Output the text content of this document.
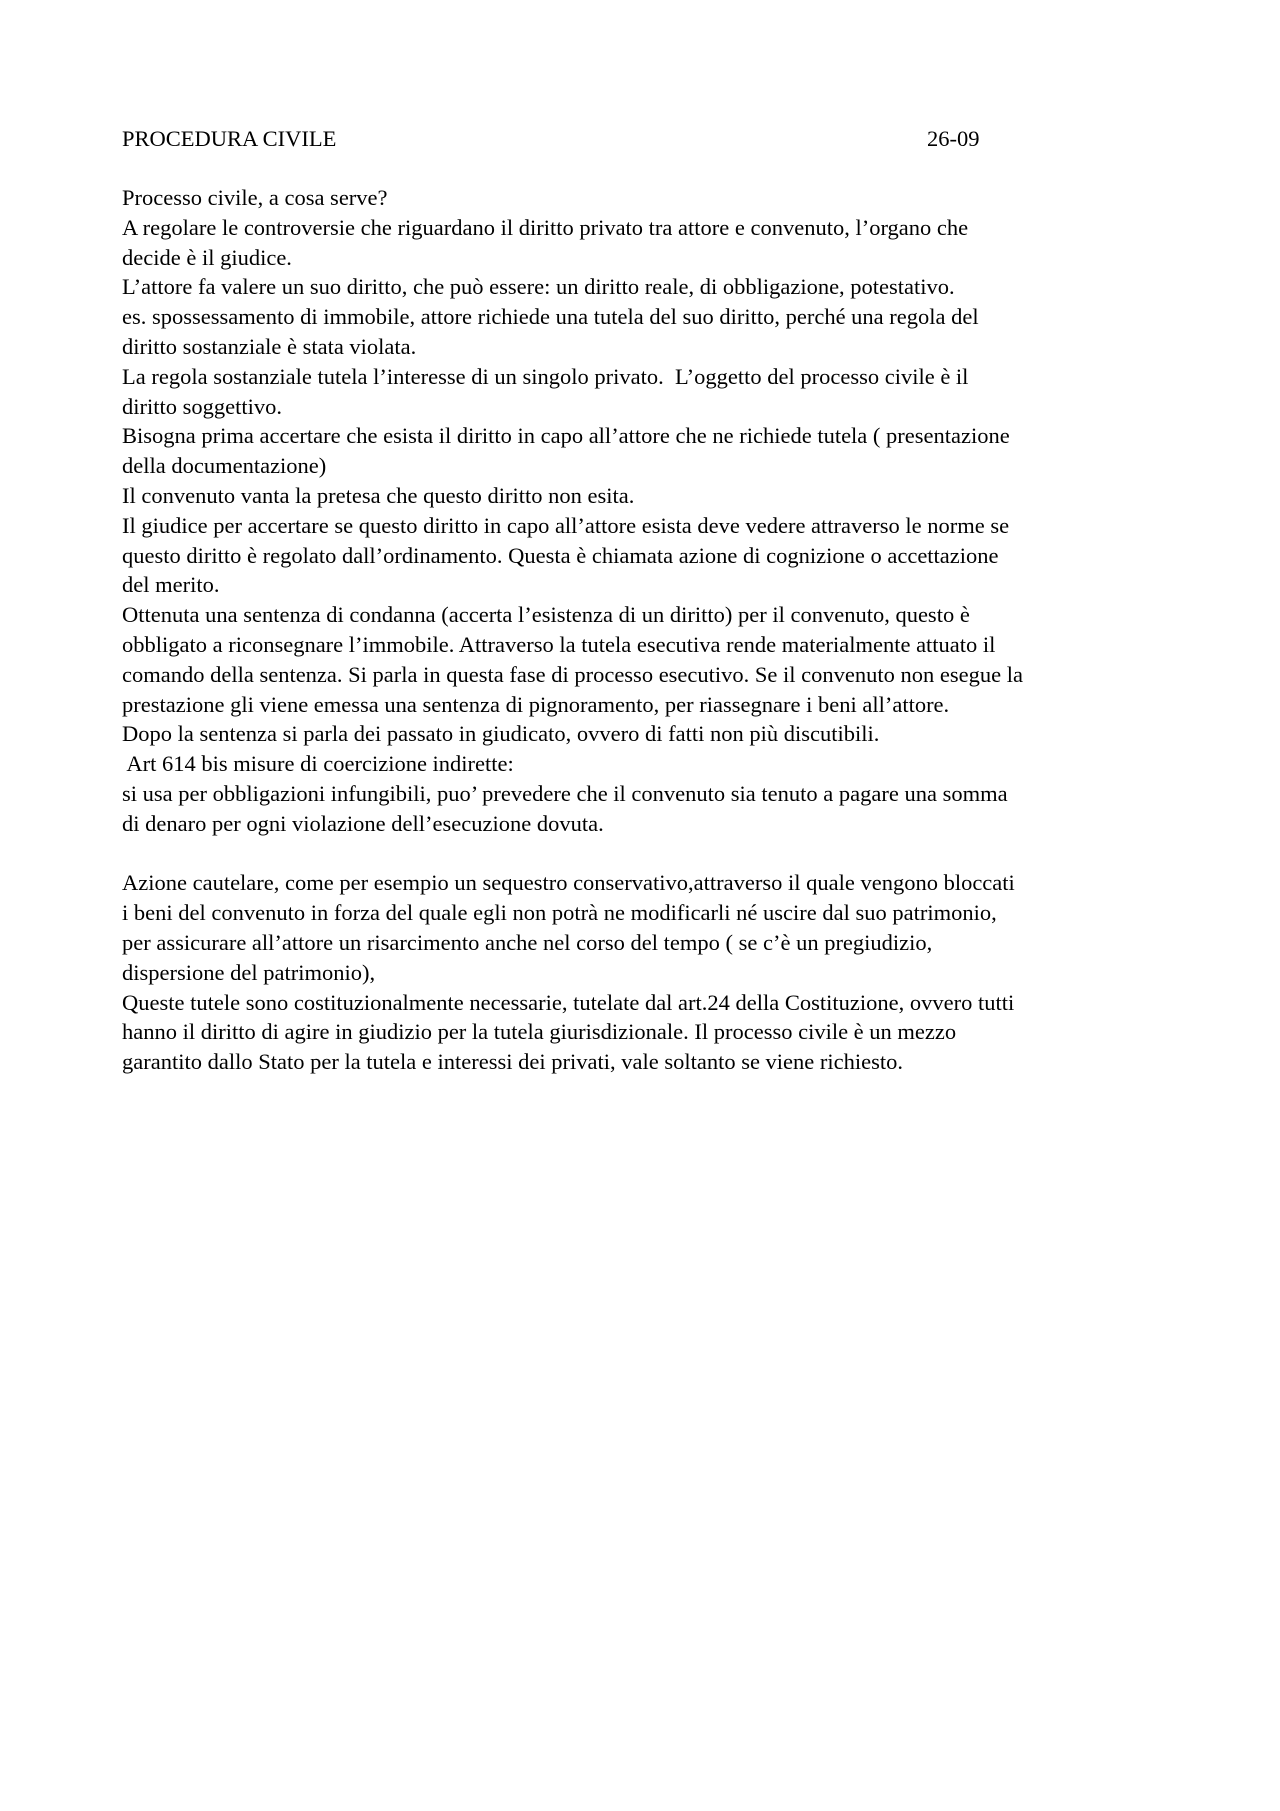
PROCEDURA CIVILE	26-09
Processo civile, a cosa serve?
A regolare le controversie che riguardano il diritto privato tra attore e convenuto, l’organo che
decide è il giudice.
L’attore fa valere un suo diritto, che può essere: un diritto reale, di obbligazione, potestativo.
es. spossessamento di immobile, attore richiede una tutela del suo diritto, perché una regola del
diritto sostanziale è stata violata.
La regola sostanziale tutela l’interesse di un singolo privato.  L’oggetto del processo civile è il
diritto soggettivo.
Bisogna prima accertare che esista il diritto in capo all’attore che ne richiede tutela ( presentazione
della documentazione)
Il convenuto vanta la pretesa che questo diritto non esita.
Il giudice per accertare se questo diritto in capo all’attore esista deve vedere attraverso le norme se
questo diritto è regolato dall’ordinamento. Questa è chiamata azione di cognizione o accettazione
del merito.
Ottenuta una sentenza di condanna (accerta l’esistenza di un diritto) per il convenuto, questo è
obbligato a riconsegnare l’immobile. Attraverso la tutela esecutiva rende materialmente attuato il
comando della sentenza. Si parla in questa fase di processo esecutivo. Se il convenuto non esegue la
prestazione gli viene emessa una sentenza di pignoramento, per riassegnare i beni all’attore.
Dopo la sentenza si parla dei passato in giudicato, ovvero di fatti non più discutibili.
Art 614 bis misure di coercizione indirette:
si usa per obbligazioni infungibili, puo’ prevedere che il convenuto sia tenuto a pagare una somma
di denaro per ogni violazione dell’esecuzione dovuta.
Azione cautelare, come per esempio un sequestro conservativo,attraverso il quale vengono bloccati
i beni del convenuto in forza del quale egli non potrà ne modificarli né uscire dal suo patrimonio,
per assicurare all’attore un risarcimento anche nel corso del tempo ( se c’è un pregiudizio,
dispersione del patrimonio),
Queste tutele sono costituzionalmente necessarie, tutelate dal art.24 della Costituzione, ovvero tutti
hanno il diritto di agire in giudizio per la tutela giurisdizionale. Il processo civile è un mezzo
garantito dallo Stato per la tutela e interessi dei privati, vale soltanto se viene richiesto.
